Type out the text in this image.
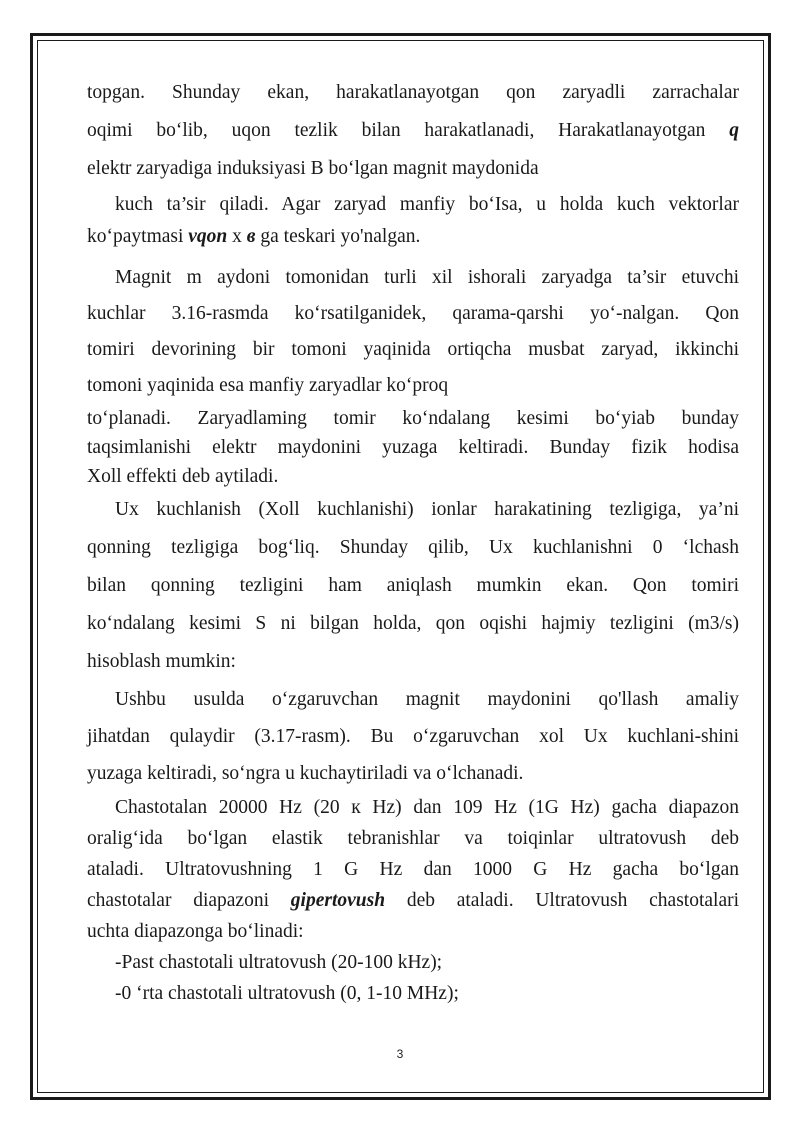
topgan. Shunday ekan, harakatlanayotgan qon zaryadli zarrachalar

oqimi bo‘lib, uqon tezlik bilan harakatlanadi, Harakatlanayotgan q

elektr zaryadiga induksiyasi B bo‘lgan magnit maydonida

kuch ta’sir qiladi. Agar zaryad manfiy bo‘Isa, u holda kuch vektorlar

ko‘paytmasi vqon x в ga teskari yo'nalgan.

Magnit m aydoni tomonidan turli xil ishorali zaryadga ta’sir etuvchi

kuchlar 3.16-rasmda ko‘rsatilganidek, qarama-qarshi yo‘-nalgan. Qon

tomiri devorining bir tomoni yaqinida ortiqcha musbat zaryad, ikkinchi

tomoni yaqinida esa manfiy zaryadlar ko‘proq

to‘planadi. Zaryadlaming tomir ko‘ndalang kesimi bo‘yiab bunday

taqsimlanishi elektr maydonini yuzaga keltiradi. Bunday fizik hodisa

Xoll effekti deb aytiladi.

Ux kuchlanish (Xoll kuchlanishi) ionlar harakatining tezligiga, ya’ni

qonning tezligiga bog‘liq. Shunday qilib, Ux kuchlanishni 0 ‘lchash

bilan qonning tezligini ham aniqlash mumkin ekan. Qon tomiri

ko‘ndalang kesimi S ni bilgan holda, qon oqishi hajmiy tezligini (m3/s)

hisoblash mumkin:

Ushbu usulda o‘zgaruvchan magnit maydonini qo'llash amaliy

jihatdan qulaydir (3.17-rasm). Bu o‘zgaruvchan xol Ux kuchlani-shini

yuzaga keltiradi, so‘ngra u kuchaytiriladi va o‘lchanadi.

Chastotalan 20000 Hz (20 к Hz) dan 109 Hz (1G Hz) gacha diapazon

oralig‘ida bo‘lgan elastik tebranishlar va toiqinlar ultratovush deb

ataladi. Ultratovushning 1 G Hz dan 1000 G Hz gacha bo‘lgan

chastotalar diapazoni gipertovush deb ataladi. Ultratovush chastotalari

uchta diapazonga bo‘linadi:

-Past chastotali ultratovush (20-100 kHz);

-0 ‘rta chastotali ultratovush (0, 1-10 MHz);

3
